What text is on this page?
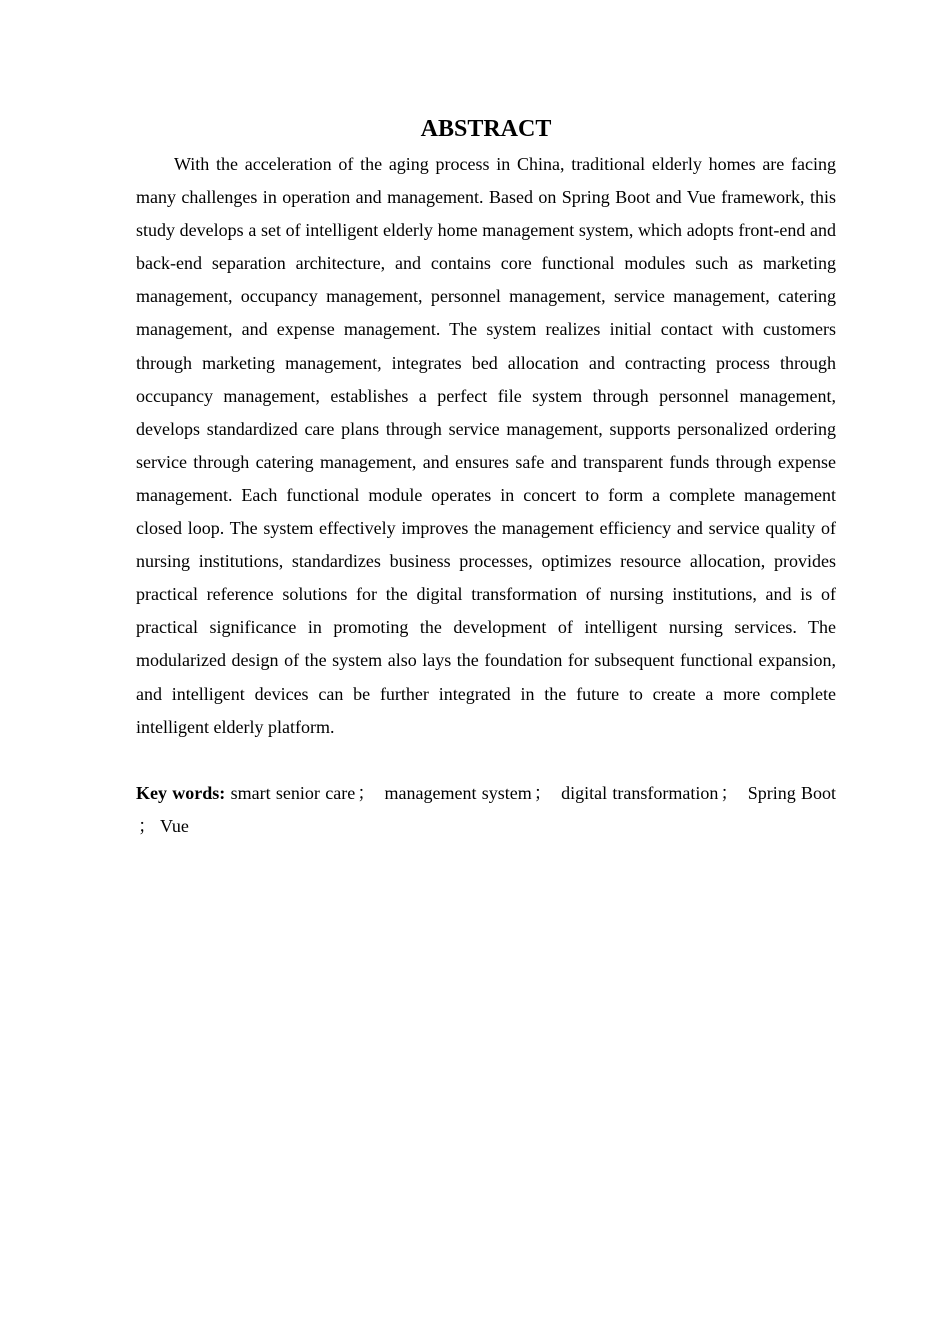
ABSTRACT

With the acceleration of the aging process in China, traditional elderly homes are facing many challenges in operation and management. Based on Spring Boot and Vue framework, this study develops a set of intelligent elderly home management system, which adopts front-end and back-end separation architecture, and contains core functional modules such as marketing management, occupancy management, personnel management, service management, catering management, and expense management. The system realizes initial contact with customers through marketing management, integrates bed allocation and contracting process through occupancy management, establishes a perfect file system through personnel management, develops standardized care plans through service management, supports personalized ordering service through catering management, and ensures safe and transparent funds through expense management. Each functional module operates in concert to form a complete management closed loop. The system effectively improves the management efficiency and service quality of nursing institutions, standardizes business processes, optimizes resource allocation, provides practical reference solutions for the digital transformation of nursing institutions, and is of practical significance in promoting the development of intelligent nursing services. The modularized design of the system also lays the foundation for subsequent functional expansion, and intelligent devices can be further integrated in the future to create a more complete intelligent elderly platform.

Key words: smart senior care ； management system ； digital transformation ； Spring Boot； Vue
